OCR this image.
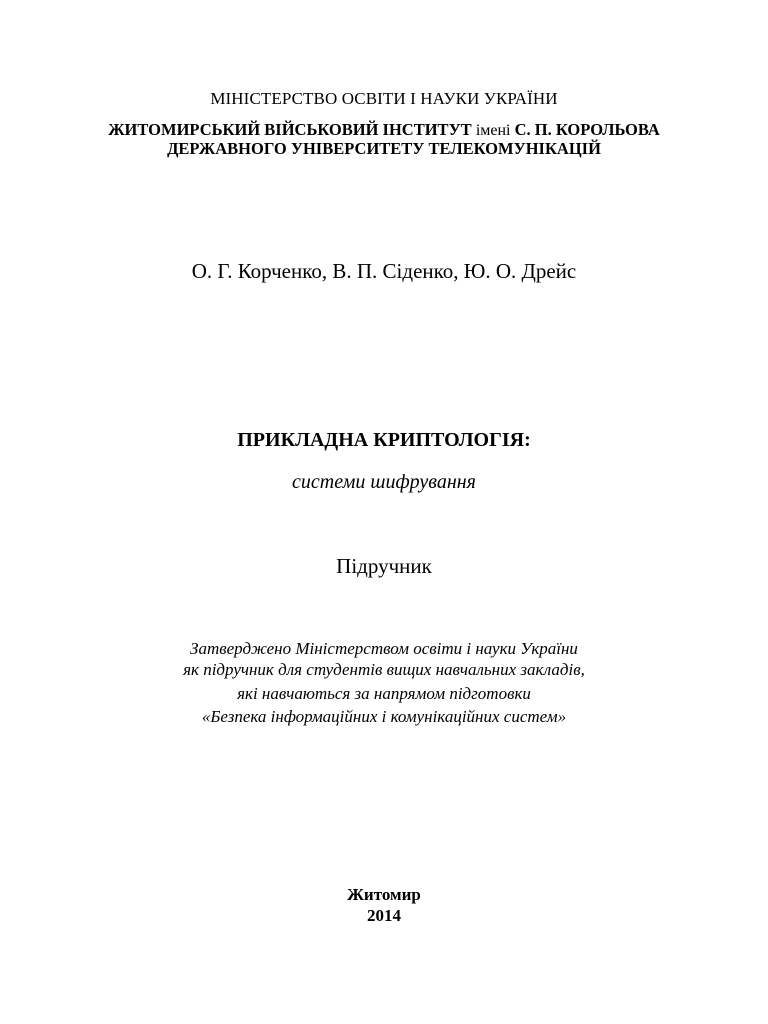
МІНІСТЕРСТВО ОСВІТИ І НАУКИ УКРАЇНИ
ЖИТОМИРСЬКИЙ ВІЙСЬКОВИЙ ІНСТИТУТ імені С. П. КОРОЛЬОВА
ДЕРЖАВНОГО УНІВЕРСИТЕТУ ТЕЛЕКОМУНІКАЦІЙ
О. Г. Корченко, В. П. Сіденко, Ю. О. Дрейс
ПРИКЛАДНА КРИПТОЛОГІЯ:
системи шифрування
Підручник
Затверджено Міністерством освіти і науки України
як підручник для студентів вищих навчальних закладів,
які навчаються за напрямом підготовки
«Безпека інформаційних і комунікаційних систем»
Житомир
2014
